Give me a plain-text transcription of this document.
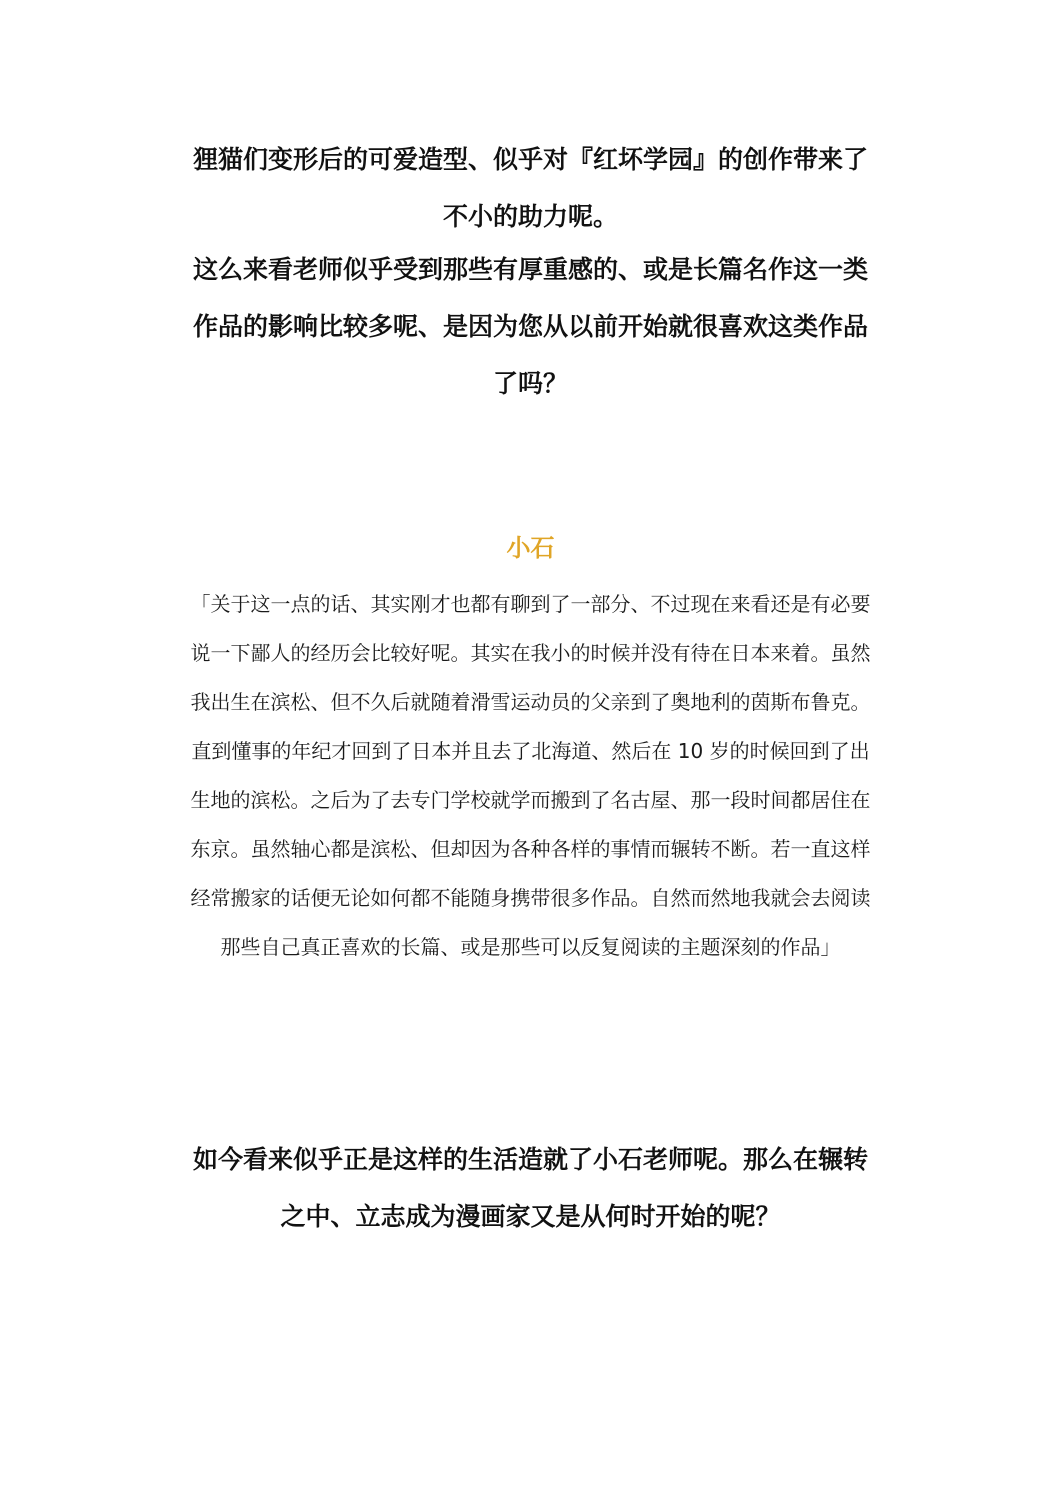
狸猫们变形后的可爱造型、似乎对『红坏学园』的创作带来了
不小的助力呢。
这么来看老师似乎受到那些有厚重感的、或是长篇名作这一类
作品的影响比较多呢、是因为您从以前开始就很喜欢这类作品
了吗？
小石
「关于这一点的话、其实刚才也都有聊到了一部分、不过现在来看还是有必要
说一下鄙人的经历会比较好呢。其实在我小的时候并没有待在日本来着。虽然
我出生在滨松、但不久后就随着滑雪运动员的父亲到了奥地利的茵斯布鲁克。
直到懂事的年纪才回到了日本并且去了北海道、然后在 10 岁的时候回到了出
生地的滨松。之后为了去专门学校就学而搬到了名古屋、那一段时间都居住在
东京。虽然轴心都是滨松、但却因为各种各样的事情而辗转不断。若一直这样
经常搬家的话便无论如何都不能随身携带很多作品。自然而然地我就会去阅读
那些自己真正喜欢的长篇、或是那些可以反复阅读的主题深刻的作品」
如今看来似乎正是这样的生活造就了小石老师呢。那么在辗转
之中、立志成为漫画家又是从何时开始的呢？
